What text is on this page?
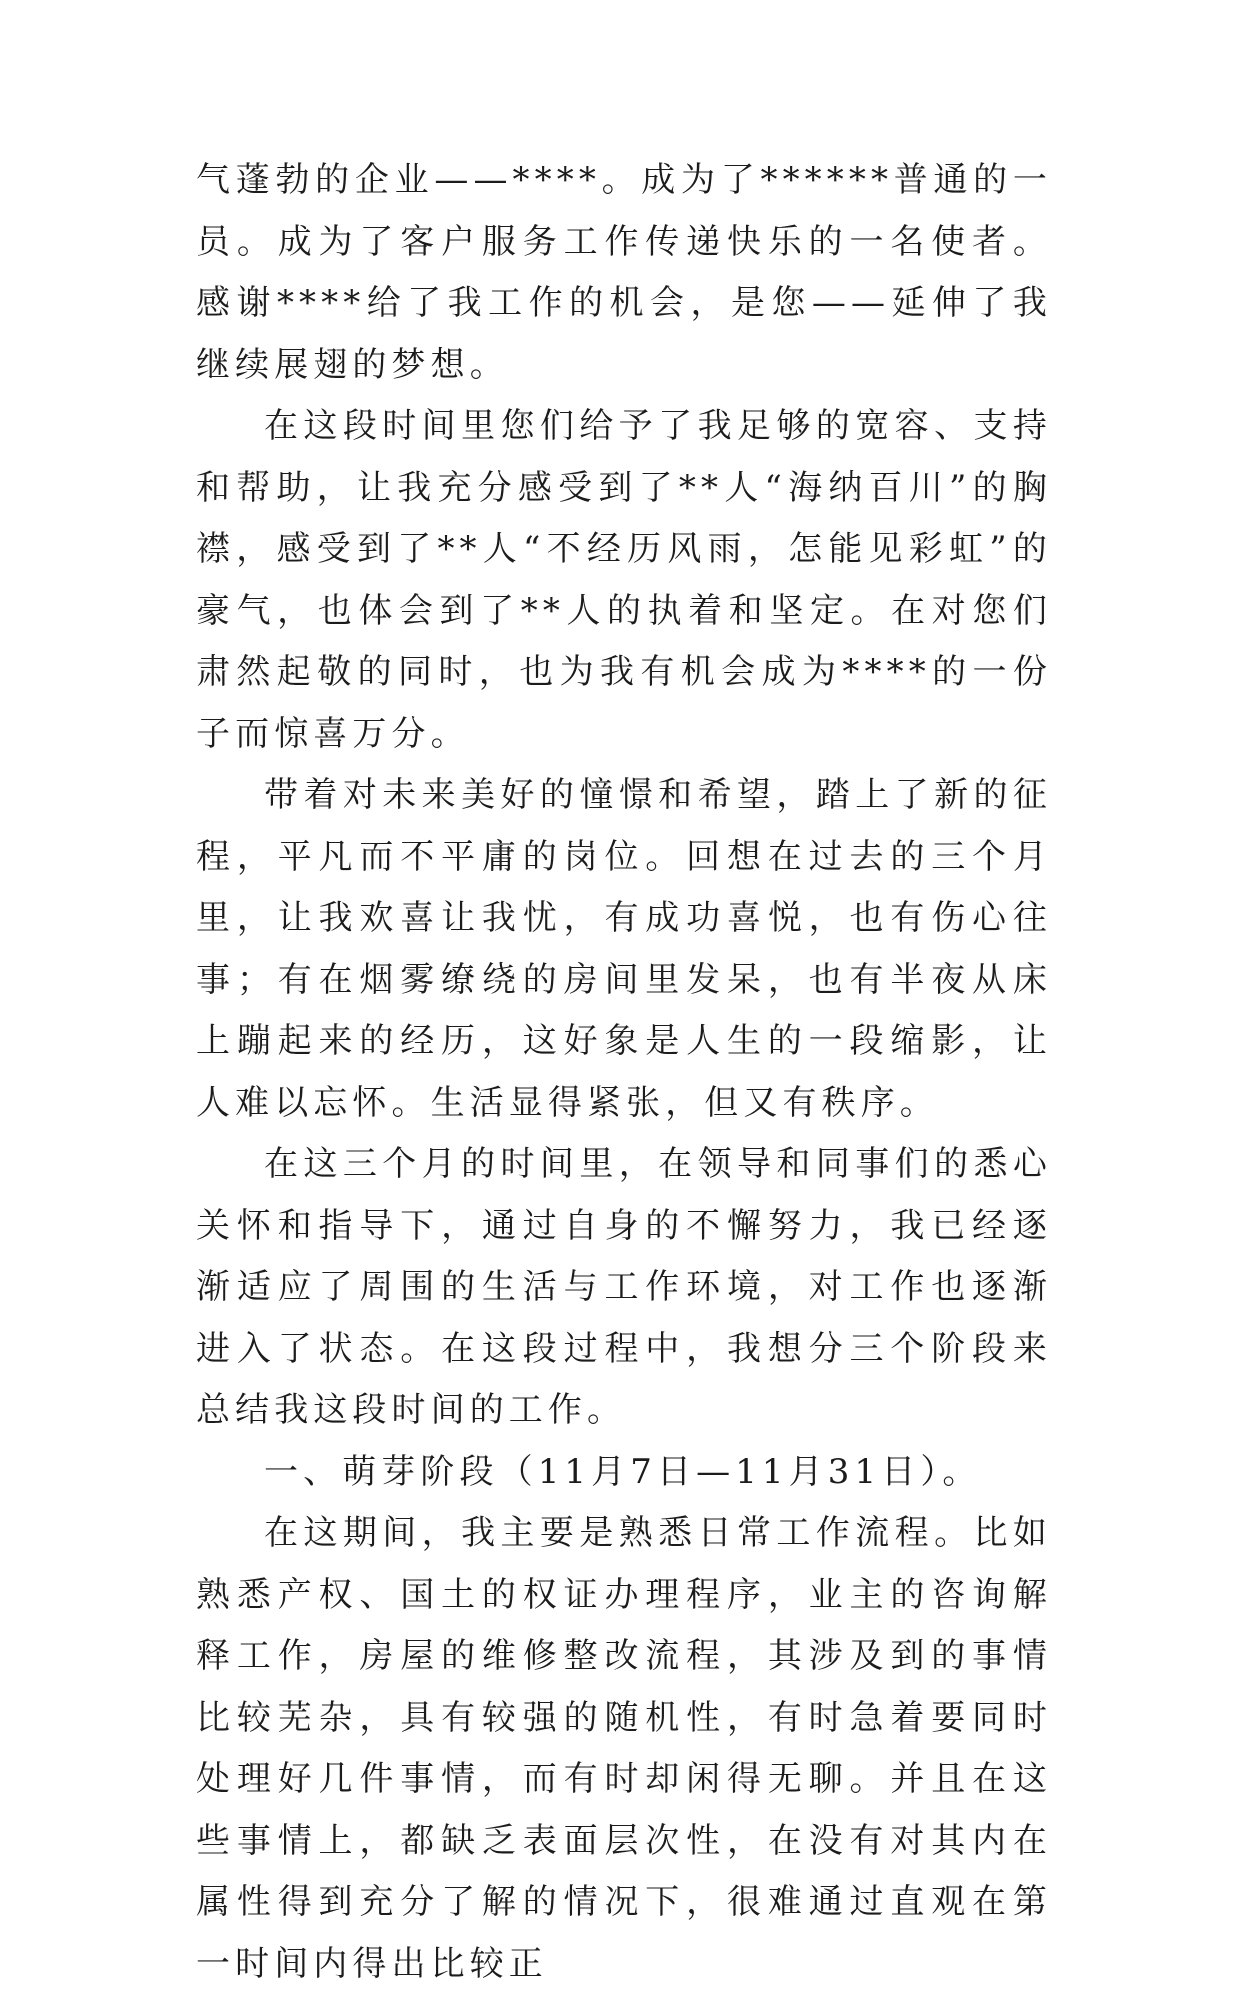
气蓬勃的企业——****。成为了******普通的一员。成为了客户服务工作传递快乐的一名使者。感谢****给了我工作的机会，是您——延伸了我继续展翅的梦想。

在这段时间里您们给予了我足够的宽容、支持和帮助，让我充分感受到了**人“海纳百川”的胸襟，感受到了**人“不经历风雨，怎能见彩虹”的豪气，也体会到了**人的执着和坚定。在对您们肃然起敬的同时，也为我有机会成为****的一份子而惊喜万分。

带着对未来美好的憧憬和希望，踏上了新的征程，平凡而不平庸的岗位。回想在过去的三个月里，让我欢喜让我忧，有成功喜悦，也有伤心往事；有在烟雾缭绕的房间里发呆，也有半夜从床上蹦起来的经历，这好象是人生的一段缩影，让人难以忘怀。生活显得紧张，但又有秩序。

在这三个月的时间里，在领导和同事们的悉心关怀和指导下，通过自身的不懈努力，我已经逐渐适应了周围的生活与工作环境，对工作也逐渐进入了状态。在这段过程中，我想分三个阶段来总结我这段时间的工作。

一、萌芽阶段（11月7日—11月31日）。

在这期间，我主要是熟悉日常工作流程。比如熟悉产权、国土的权证办理程序，业主的咨询解释工作，房屋的维修整改流程，其涉及到的事情比较芜杂，具有较强的随机性，有时急着要同时处理好几件事情，而有时却闲得无聊。并且在这些事情上，都缺乏表面层次性，在没有对其内在属性得到充分了解的情况下，很难通过直观在第一时间内得出比较正
